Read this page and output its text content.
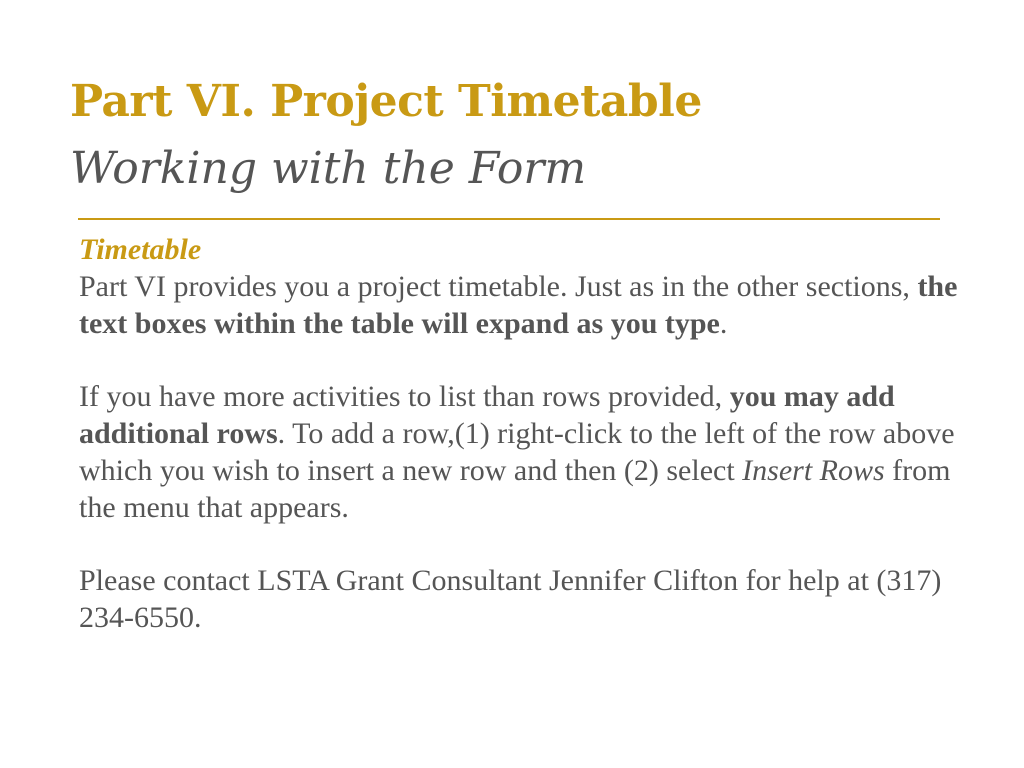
Part VI. Project Timetable
Working with the Form

Timetable

Part VI provides you a project timetable. Just as in the other sections, the text boxes within the table will expand as you type.

If you have more activities to list than rows provided, you may add additional rows. To add a row,(1) right-click to the left of the row above which you wish to insert a new row and then (2) select Insert Rows from the menu that appears.

Please contact LSTA Grant Consultant Jennifer Clifton for help at (317) 234-6550.
